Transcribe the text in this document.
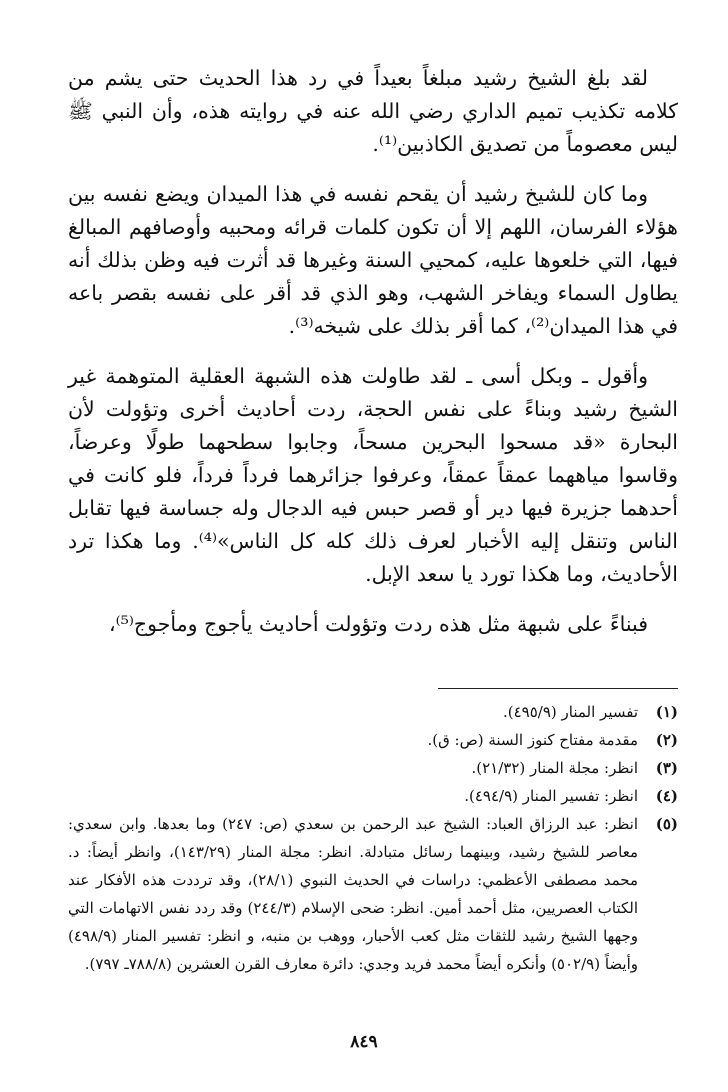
لقد بلغ الشيخ رشيد مبلغاً بعيداً في رد هذا الحديث حتى يشم من كلامه تكذيب تميم الداري رضي الله عنه في روايته هذه، وأن النبي ﷺ ليس معصوماً من تصديق الكاذبين⁽¹⁾.

وما كان للشيخ رشيد أن يقحم نفسه في هذا الميدان ويضع نفسه بين هؤلاء الفرسان، اللهم إلا أن تكون كلمات قرائه ومحبيه وأوصافهم المبالغ فيها، التي خلعوها عليه، كمحيي السنة وغيرها قد أثرت فيه وظن بذلك أنه يطاول السماء ويفاخر الشهب، وهو الذي قد أقر على نفسه بقصر باعه في هذا الميدان⁽²⁾، كما أقر بذلك على شيخه⁽³⁾.

وأقول ـ وبكل أسى ـ لقد طاولت هذه الشبهة العقلية المتوهمة غير الشيخ رشيد وبناءً على نفس الحجة، ردت أحاديث أخرى وتؤولت لأن البحارة «قد مسحوا البحرين مسحاً، وجابوا سطحهما طولًا وعرضاً، وقاسوا مياههما عمقاً عمقاً، وعرفوا جزائرهما فرداً فرداً، فلو كانت في أحدهما جزيرة فيها دير أو قصر حبس فيه الدجال وله جساسة فيها تقابل الناس وتنقل إليه الأخبار لعرف ذلك كله كل الناس»⁽⁴⁾. وما هكذا ترد الأحاديث، وما هكذا تورد يا سعد الإبل.

فبناءً على شبهة مثل هذه ردت وتؤولت أحاديث يأجوج ومأجوج⁽⁵⁾،

(١)
تفسير المنار (٤٩٥/٩).
(٢)
مقدمة مفتاح كنوز السنة (ص: ق).
(٣)
انظر: مجلة المنار (٢١/٣٢).
(٤)
انظر: تفسير المنار (٤٩٤/٩).
(٥)
انظر: عبد الرزاق العباد: الشيخ عبد الرحمن بن سعدي (ص: ٢٤٧) وما بعدها. وابن سعدي: معاصر للشيخ رشيد، وبينهما رسائل متبادلة. انظر: مجلة المنار (١٤٣/٢٩)، وانظر أيضاً: د. محمد مصطفى الأعظمي: دراسات في الحديث النبوي (٢٨/١)، وقد ترددت هذه الأفكار عند الكتاب العصريين، مثل أحمد أمين. انظر: ضحى الإسلام (٢٤٤/٣) وقد ردد نفس الاتهامات التي وجهها الشيخ رشيد للثقات مثل كعب الأحبار، ووهب بن منبه، و انظر: تفسير المنار (٤٩٨/٩) وأيضاً (٥٠٢/٩) وأنكره أيضاً محمد فريد وجدي: دائرة معارف القرن العشرين (٧٨٨/٨ـ ٧٩٧).
٨٤٩
